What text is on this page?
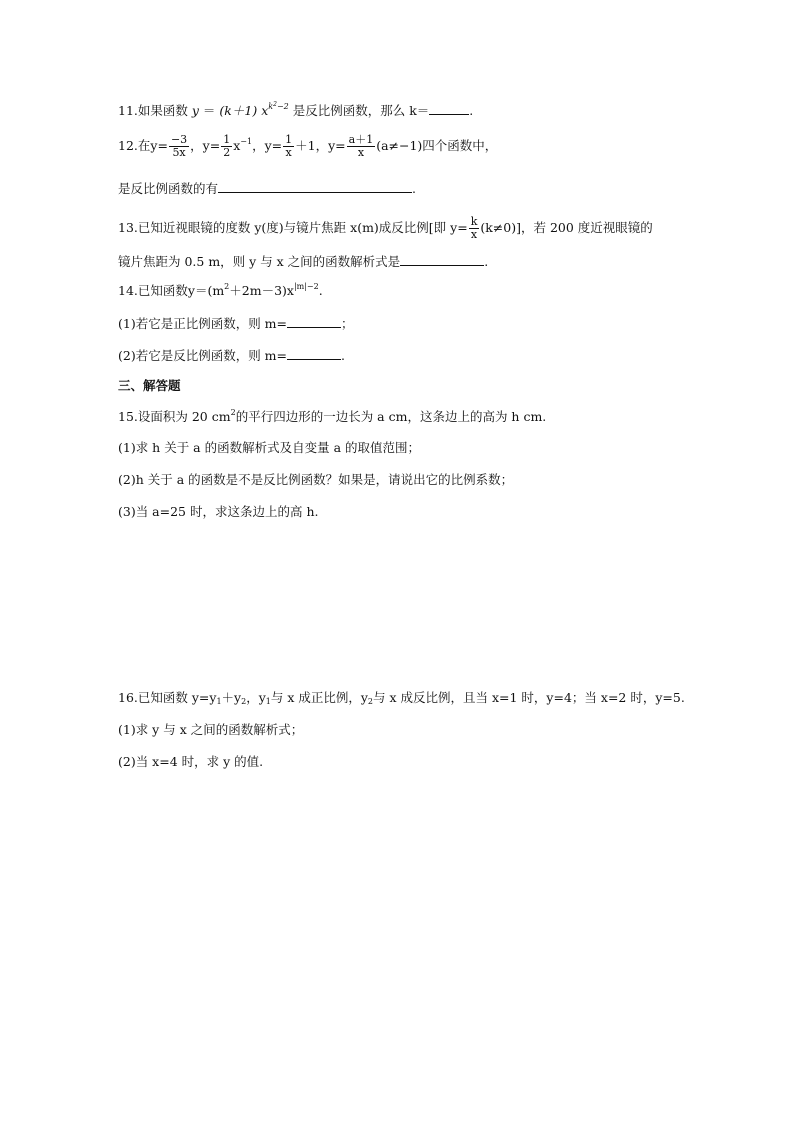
11.如果函数 y ＝ (k＋1) $x^{k^2-2}$ 是反比例函数，那么 k＝	.
12.在$y= \frac{-3}{5x}$ ，$y= \frac{1}{2} x^{-1}$，$y= \frac{1}{x} +1$，$y= \frac{a+1}{x} (a\ne-1)$四个函数中，
是反比例函数的有	.
13.已知近视眼镜的度数 y(度)与镜片焦距 x(m)成反比例[即 $y= \frac{k}{x} (k\ne 0)$]，若 200 度近视眼镜的
镜片焦距为 0.5 m，则 y 与 x 之间的函数解析式是	.
14.已知函数$y=(m^2+2m-3)x^{|m|-2}$.
(1)若它是正比例函数，则 m=	；
(2)若它是反比例函数，则 m=	.
三、解答题
15.设面积为 20 $cm^2$的平行四边形的一边长为 a cm，这条边上的高为 h cm.
(1)求 h 关于 a 的函数解析式及自变量 a 的取值范围；
(2)h 关于 a 的函数是不是反比例函数？如果是，请说出它的比例系数；
(3)当 a=25 时，求这条边上的高 h.
16.已知函数 $y=y_1+y_2$，$y_1$与 x 成正比例，$y_2$与 x 成反比例，且当 x=1 时，y=4；当 x=2 时，y=5.
(1)求 y 与 x 之间的函数解析式；
(2)当 x=4 时，求 y 的值.
